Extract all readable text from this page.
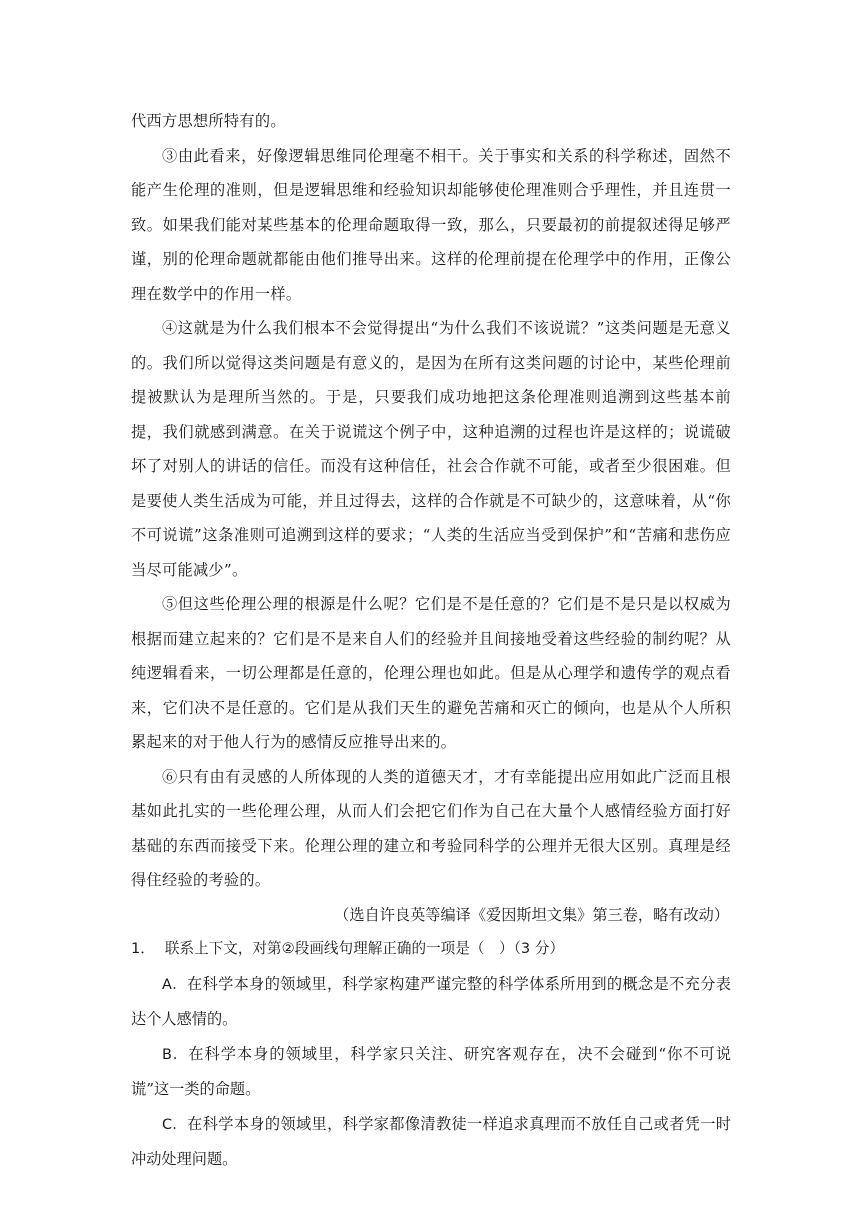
代西方思想所特有的。

③由此看来，好像逻辑思维同伦理毫不相干。关于事实和关系的科学称述，固然不能产生伦理的准则，但是逻辑思维和经验知识却能够使伦理准则合乎理性，并且连贯一致。如果我们能对某些基本的伦理命题取得一致，那么，只要最初的前提叙述得足够严谨，别的伦理命题就都能由他们推导出来。这样的伦理前提在伦理学中的作用，正像公理在数学中的作用一样。

④这就是为什么我们根本不会觉得提出“为什么我们不该说谎？”这类问题是无意义的。我们所以觉得这类问题是有意义的，是因为在所有这类问题的讨论中，某些伦理前提被默认为是理所当然的。于是，只要我们成功地把这条伦理准则追溯到这些基本前提，我们就感到满意。在关于说谎这个例子中，这种追溯的过程也许是这样的；说谎破坏了对别人的讲话的信任。而没有这种信任，社会合作就不可能，或者至少很困难。但是要使人类生活成为可能，并且过得去，这样的合作就是不可缺少的，这意味着，从“你不可说谎”这条准则可追溯到这样的要求；“人类的生活应当受到保护”和“苦痛和悲伤应当尽可能减少”。

⑤但这些伦理公理的根源是什么呢？它们是不是任意的？它们是不是只是以权威为根据而建立起来的？它们是不是来自人们的经验并且间接地受着这些经验的制约呢？从纯逻辑看来，一切公理都是任意的，伦理公理也如此。但是从心理学和遗传学的观点看来，它们决不是任意的。它们是从我们天生的避免苦痛和灭亡的倾向，也是从个人所积累起来的对于他人行为的感情反应推导出来的。

⑥只有由有灵感的人所体现的人类的道德天才，才有幸能提出应用如此广泛而且根基如此扎实的一些伦理公理，从而人们会把它们作为自己在大量个人感情经验方面打好基础的东西而接受下来。伦理公理的建立和考验同科学的公理并无很大区别。真理是经得住经验的考验的。

（选自许良英等编译《爱因斯坦文集》第三卷，略有改动）

1． 联系上下文，对第②段画线句理解正确的一项是（　）（3 分）

A．在科学本身的领域里，科学家构建严谨完整的科学体系所用到的概念是不充分表达个人感情的。

B．在科学本身的领域里，科学家只关注、研究客观存在，决不会碰到“你不可说谎”这一类的命题。

C．在科学本身的领域里，科学家都像清教徒一样追求真理而不放任自己或者凭一时冲动处理问题。
